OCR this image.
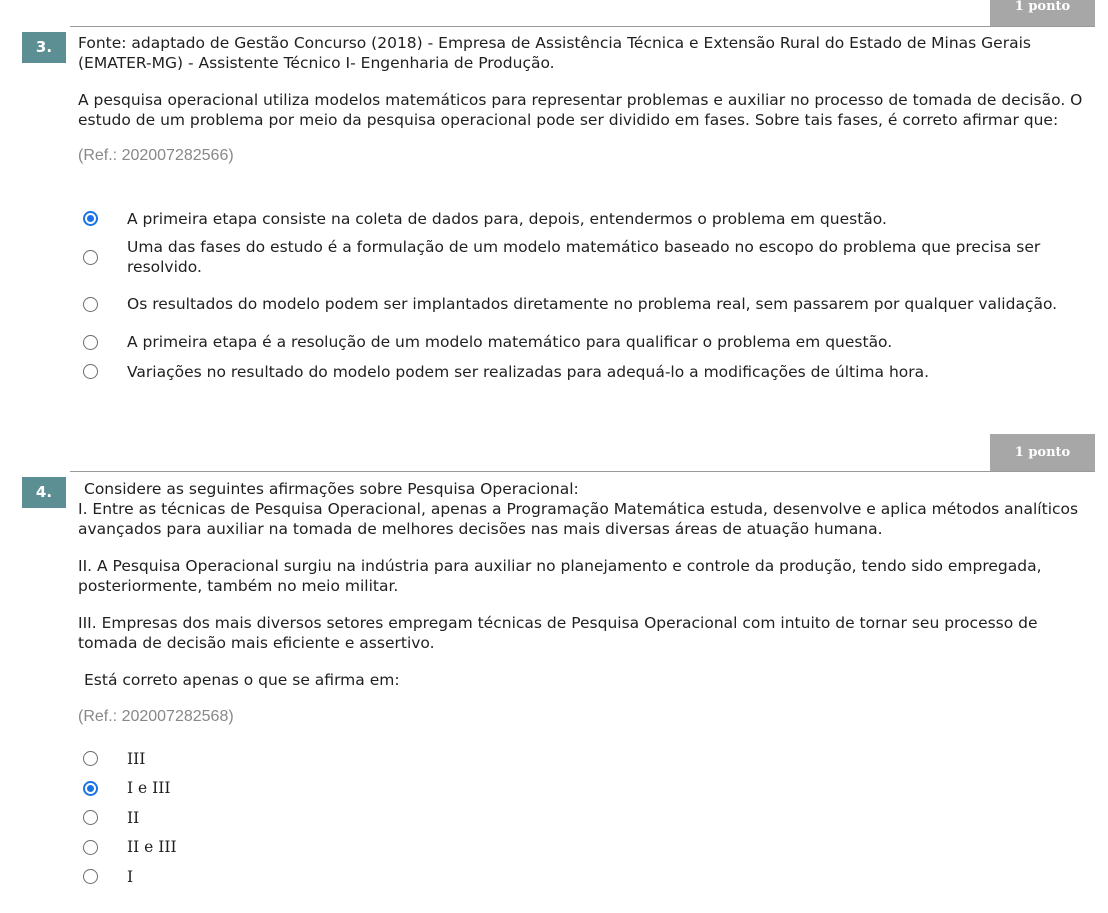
1 ponto
3.	Fonte: adaptado de Gestão Concurso (2018) - Empresa de Assistência Técnica e Extensão Rural do Estado de Minas Gerais (EMATER-MG) - Assistente Técnico I- Engenharia de Produção.

A pesquisa operacional utiliza modelos matemáticos para representar problemas e auxiliar no processo de tomada de decisão. O estudo de um problema por meio da pesquisa operacional pode ser dividido em fases. Sobre tais fases, é correto afirmar que:

(Ref.: 202007282566)

A primeira etapa consiste na coleta de dados para, depois, entendermos o problema em questão.
Uma das fases do estudo é a formulação de um modelo matemático baseado no escopo do problema que precisa ser resolvido.
Os resultados do modelo podem ser implantados diretamente no problema real, sem passarem por qualquer validação.
A primeira etapa é a resolução de um modelo matemático para qualificar o problema em questão.
Variações no resultado do modelo podem ser realizadas para adequá-lo a modificações de última hora.
1 ponto
4.	Considere as seguintes afirmações sobre Pesquisa Operacional:

I. Entre as técnicas de Pesquisa Operacional, apenas a Programação Matemática estuda, desenvolve e aplica métodos analíticos avançados para auxiliar na tomada de melhores decisões nas mais diversas áreas de atuação humana.

II. A Pesquisa Operacional surgiu na indústria para auxiliar no planejamento e controle da produção, tendo sido empregada, posteriormente, também no meio militar.

III. Empresas dos mais diversos setores empregam técnicas de Pesquisa Operacional com intuito de tornar seu processo de tomada de decisão mais eficiente e assertivo.

Está correto apenas o que se afirma em:

(Ref.: 202007282568)

III
I e III
II
II e III
I
